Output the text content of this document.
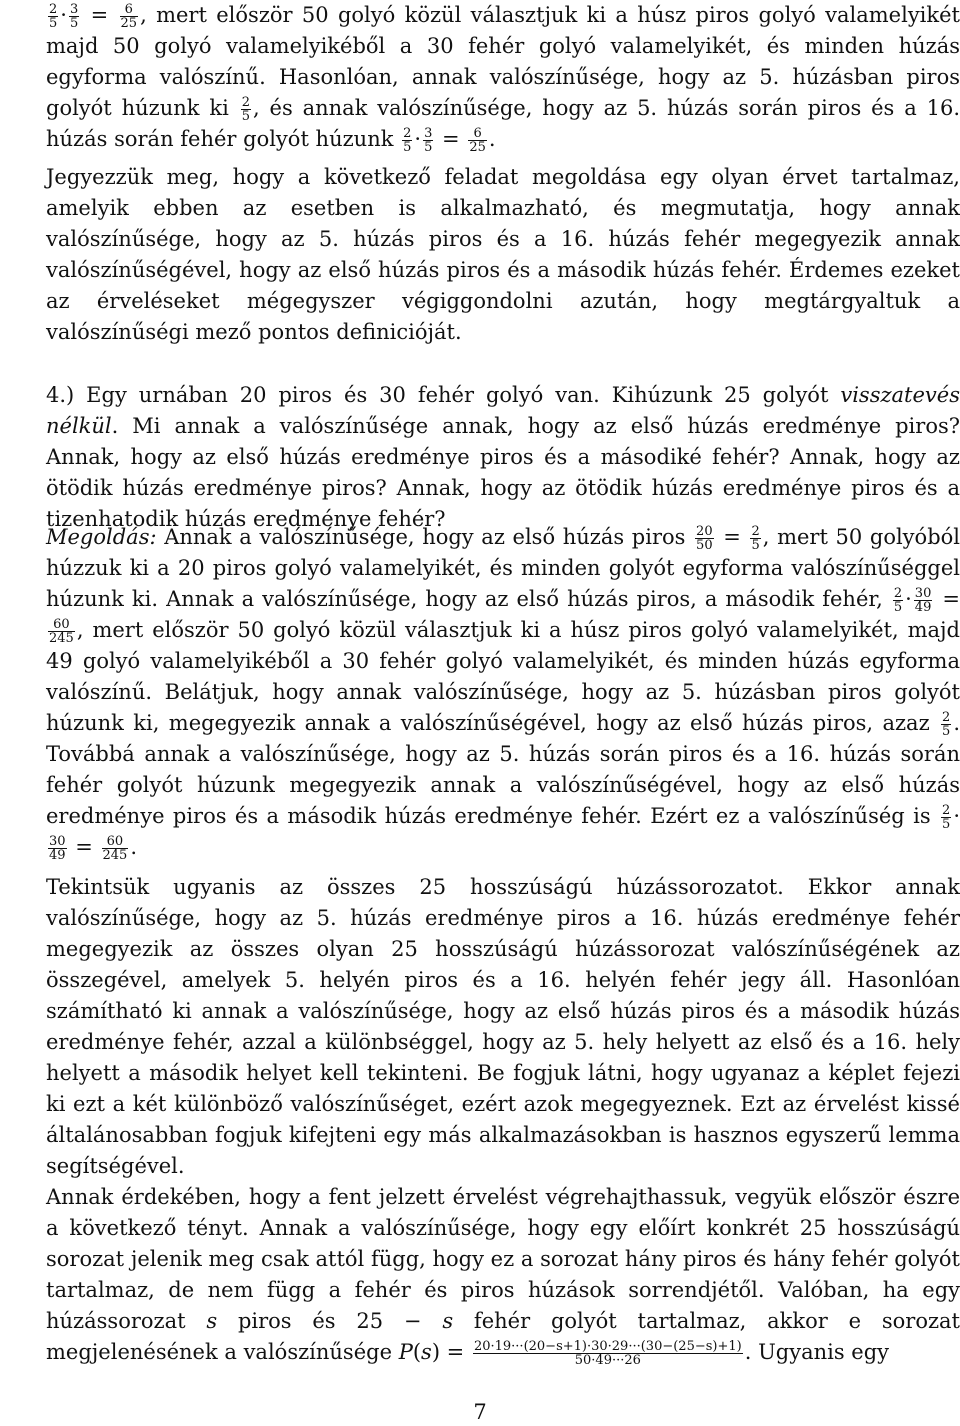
$\frac{2}{5} \cdot \frac{3}{5} = \frac{6}{25}$ , mert először 50 golyó közül választjuk ki a húsz piros golyó valamelyikét majd 50 golyó valamelyikéből a 30 fehér golyó valamelyikét, és minden húzás egyforma valószínű. Hasonlóan, annak valószínűsége, hogy az 5. húzásban piros golyót húzunk ki $\frac{2}{5}$ , és annak valószínűsége, hogy az 5. húzás során piros és a 16. húzás során fehér golyót húzunk $\frac{2}{5} \cdot \frac{3}{5} = \frac{6}{25}$ .

Jegyezzük meg, hogy a következő feladat megoldása egy olyan érvet tartalmaz, amelyik ebben az esetben is alkalmazható, és megmutatja, hogy annak valószínűsége, hogy az 5. húzás piros és a 16. húzás fehér megegyezik annak valószínűségével, hogy az első húzás piros és a második húzás fehér. Érdemes ezeket az érveléseket mégegyszer végiggondolni azután, hogy megtárgyaltuk a valószínűségi mező pontos definicióját.

4.) Egy urnában 20 piros és 30 fehér golyó van. Kihúzunk 25 golyót visszatevés nélkül. Mi annak a valószínűsége annak, hogy az első húzás eredménye piros? Annak, hogy az első húzás eredménye piros és a másodiké fehér? Annak, hogy az ötödik húzás eredménye piros? Annak, hogy az ötödik húzás eredménye piros és a tizenhatodik húzás eredménye fehér?

Megoldás: Annak a valószínűsége, hogy az első húzás piros $\frac{20}{50} = \frac{2}{5}$ , mert 50 golyóból húzzuk ki a 20 piros golyó valamelyikét, és minden golyót egyforma valószínűséggel húzunk ki. Annak a valószínűsége, hogy az első húzás piros, a második fehér, $\frac{2}{5} \cdot \frac{30}{49}$ =
$\frac{60}{245}$ , mert először 50 golyó közül választjuk ki a húsz piros golyó valamelyikét, majd 49 golyó valamelyikéből a 30 fehér golyó valamelyikét, és minden húzás egyforma valószínű. Belátjuk, hogy annak valószínűsége, hogy az 5. húzásban piros golyót húzunk ki, megegyezik annak a valószínűségével, hogy az első húzás piros, azaz $\frac{2}{5}$ . Továbbá annak a valószínűsége, hogy az 5. húzás során piros és a 16. húzás során fehér golyót húzunk megegyezik annak a valószínűségével, hogy az első húzás eredménye piros és a második húzás eredménye fehér. Ezért ez a valószínűség is $\frac{2}{5}$ ·
$\frac{30}{49} = \frac{60}{245}$ .

Tekintsük ugyanis az összes 25 hosszúságú húzássorozatot. Ekkor annak valószínűsége, hogy az 5. húzás eredménye piros a 16. húzás eredménye fehér megegyezik az összes olyan 25 hosszúságú húzássorozat valószínűségének az összegével, amelyek 5. helyén piros és a 16. helyén fehér jegy áll. Hasonlóan számítható ki annak a valószínűsége, hogy az első húzás piros és a második húzás eredménye fehér, azzal a különbséggel, hogy az 5. hely helyett az első és a 16. hely helyett a második helyet kell tekinteni. Be fogjuk látni, hogy ugyanaz a képlet fejezi ki ezt a két különböző valószínűséget, ezért azok megegyeznek. Ezt az érvelést kissé általánosabban fogjuk kifejteni egy más alkalmazásokban is hasznos egyszerű lemma segítségével.

Annak érdekében, hogy a fent jelzett érvelést végrehajthassuk, vegyük először észre a következő tényt. Annak a valószínűsége, hogy egy előírt konkrét 25 hosszúságú sorozat jelenik meg csak attól függ, hogy ez a sorozat hány piros és hány fehér golyót tartalmaz, de nem függ a fehér és piros húzások sorrendjétől. Valóban, ha egy húzássorozat s piros és 25 − s fehér golyót tartalmaz, akkor e sorozat megjelenésének a valószínűsége $P(s) = \frac{20\cdot 19\cdot\cdot\cdot(20-s+1)\cdot 30\cdot 29\cdot\cdot\cdot(30-(25-s)+1)}{50\cdot 49\cdot\cdot\cdot 26}$ . Ugyanis egy

7
